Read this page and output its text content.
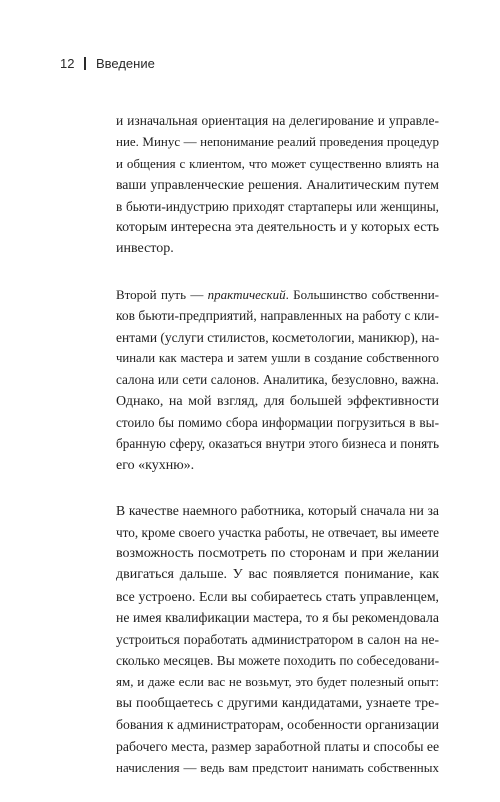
12 Введение
и изначальная ориентация на делегирование и управле-
ние. Минус — непонимание реалий проведения процедур
и общения с клиентом, что может существенно влиять на
ваши управленческие решения. Аналитическим путем
в бьюти-индустрию приходят стартаперы или женщины,
которым интересна эта деятельность и у которых есть
инвестор.
Второй путь — практический. Большинство собственни-
ков бьюти-предприятий, направленных на работу с кли-
ентами (услуги стилистов, косметологии, маникюр), на-
чинали как мастера и затем ушли в создание собственного
салона или сети салонов. Аналитика, безусловно, важна.
Однако, на мой взгляд, для большей эффективности
стоило бы помимо сбора информации погрузиться в вы-
бранную сферу, оказаться внутри этого бизнеса и понять
его «кухню».
В качестве наемного работника, который сначала ни за
что, кроме своего участка работы, не отвечает, вы имеете
возможность посмотреть по сторонам и при желании
двигаться дальше. У вас появляется понимание, как
все устроено. Если вы собираетесь стать управленцем,
не имея квалификации мастера, то я бы рекомендовала
устроиться поработать администратором в салон на не-
сколько месяцев. Вы можете походить по собеседовани-
ям, и даже если вас не возьмут, это будет полезный опыт:
вы пообщаетесь с другими кандидатами, узнаете тре-
бования к администраторам, особенности организации
рабочего места, размер заработной платы и способы ее
начисления — ведь вам предстоит нанимать собственных
